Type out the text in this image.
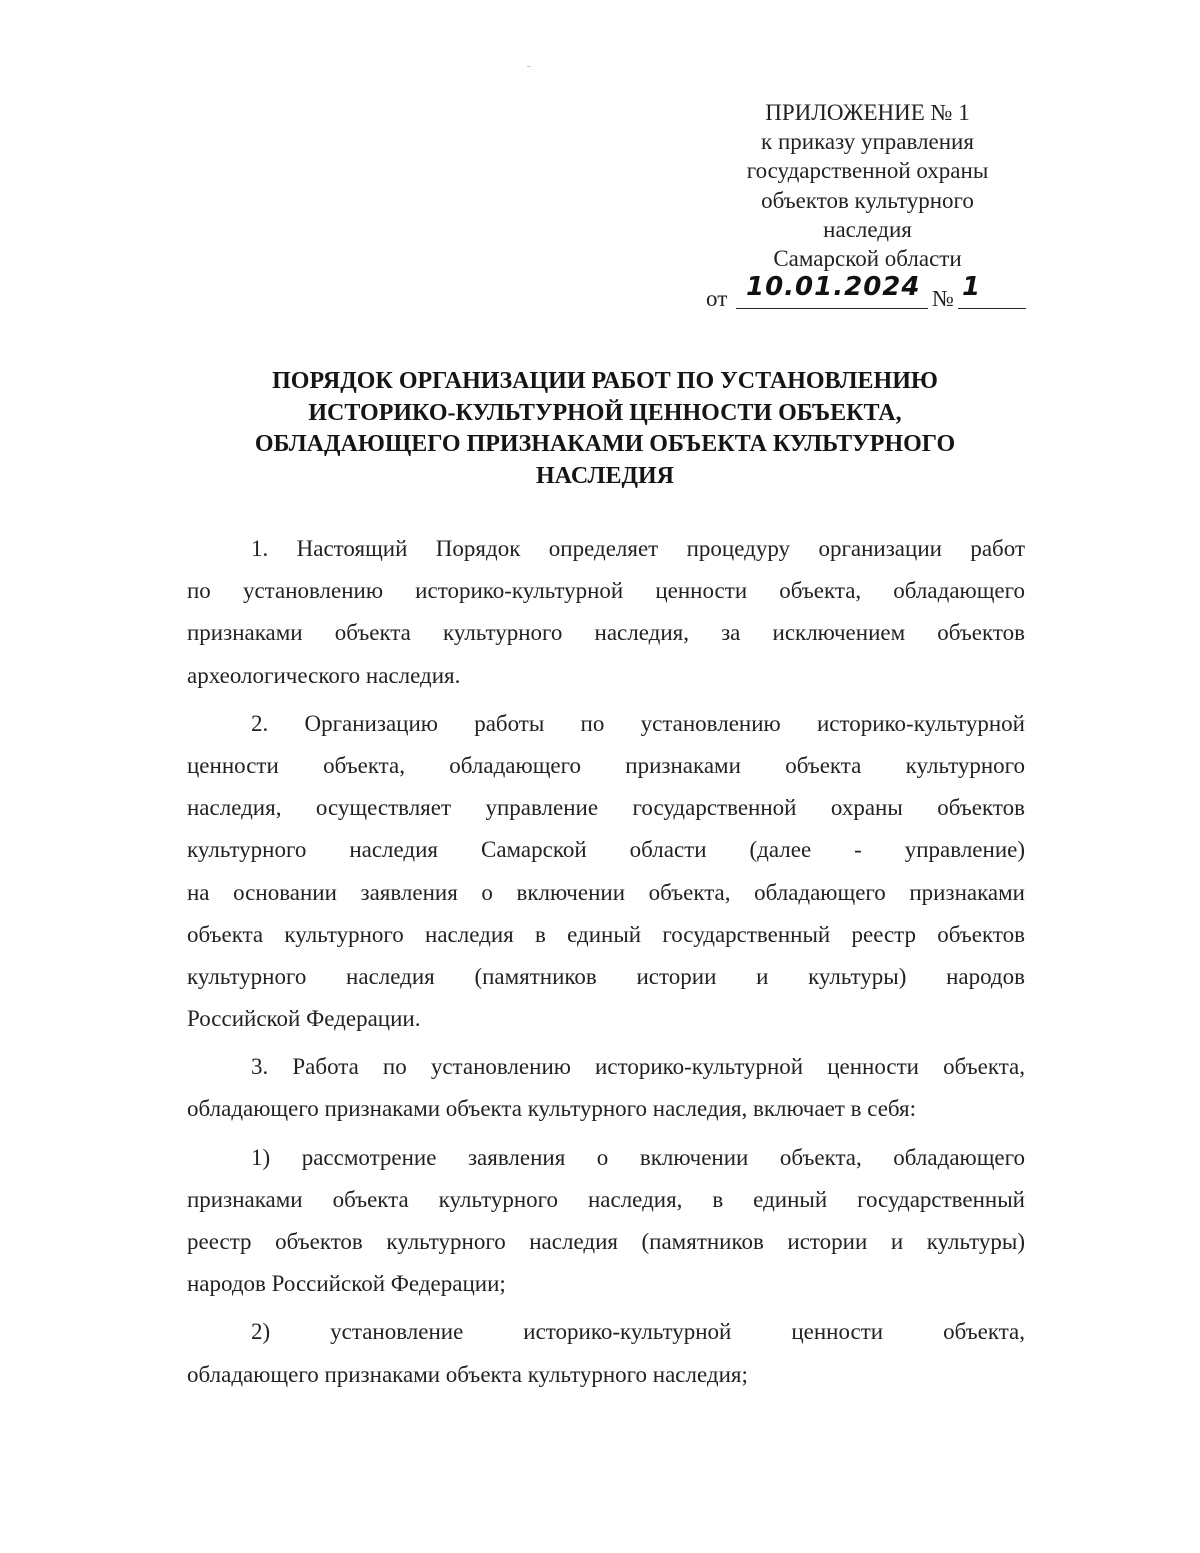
ПРИЛОЖЕНИЕ № 1
к приказу управления
государственной охраны
объектов культурного
наследия
Самарской области
от 10.01.2024 № 1
ПОРЯДОК ОРГАНИЗАЦИИ РАБОТ ПО УСТАНОВЛЕНИЮ
ИСТОРИКО-КУЛЬТУРНОЙ ЦЕННОСТИ ОБЪЕКТА,
ОБЛАДАЮЩЕГО ПРИЗНАКАМИ ОБЪЕКТА КУЛЬТУРНОГО
НАСЛЕДИЯ
1. Настоящий Порядок определяет процедуру организации работ
по установлению историко-культурной ценности объекта, обладающего
признаками объекта культурного наследия, за исключением объектов
археологического наследия.
2. Организацию работы по установлению историко-культурной
ценности объекта, обладающего признаками объекта культурного
наследия, осуществляет управление государственной охраны объектов
культурного наследия Самарской области (далее - управление)
на основании заявления о включении объекта, обладающего признаками
объекта культурного наследия в единый государственный реестр объектов
культурного наследия (памятников истории и культуры) народов
Российской Федерации.
3. Работа по установлению историко-культурной ценности объекта,
обладающего признаками объекта культурного наследия, включает в себя:
1) рассмотрение заявления о включении объекта, обладающего
признаками объекта культурного наследия, в единый государственный
реестр объектов культурного наследия (памятников истории и культуры)
народов Российской Федерации;
2) установление историко-культурной ценности объекта,
обладающего признаками объекта культурного наследия;
